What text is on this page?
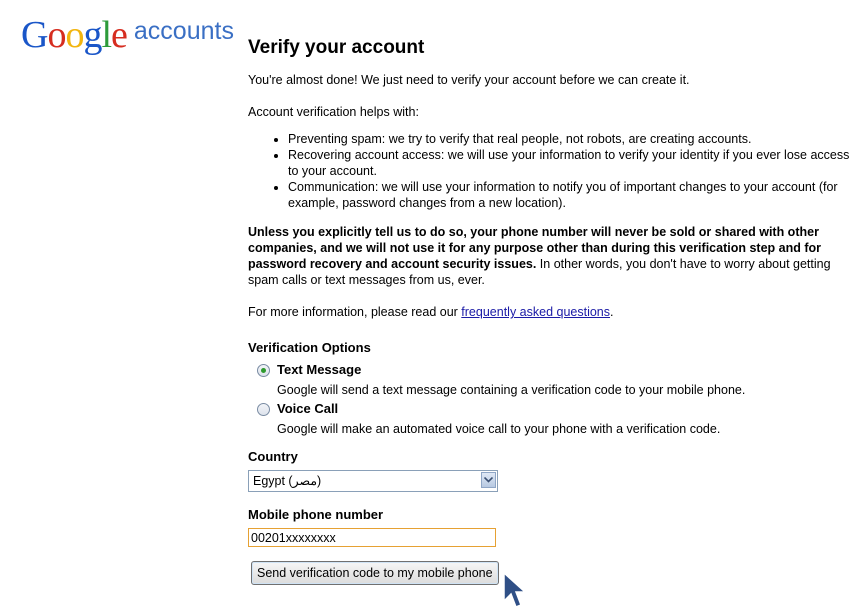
Google accounts
Verify your account

You're almost done! We just need to verify your account before we can create it.

Account verification helps with:

• Preventing spam: we try to verify that real people, not robots, are creating accounts.
• Recovering account access: we will use your information to verify your identity if you ever lose access to your account.
• Communication: we will use your information to notify you of important changes to your account (for example, password changes from a new location).

Unless you explicitly tell us to do so, your phone number will never be sold or shared with other companies, and we will not use it for any purpose other than during this verification step and for password recovery and account security issues. In other words, you don't have to worry about getting spam calls or text messages from us, ever.

For more information, please read our frequently asked questions.

Verification Options
Text Message
Google will send a text message containing a verification code to your mobile phone.
Voice Call
Google will make an automated voice call to your phone with a verification code.
Country
Egypt (مصر)
Mobile phone number
00201xxxxxxxx
Send verification code to my mobile phone
